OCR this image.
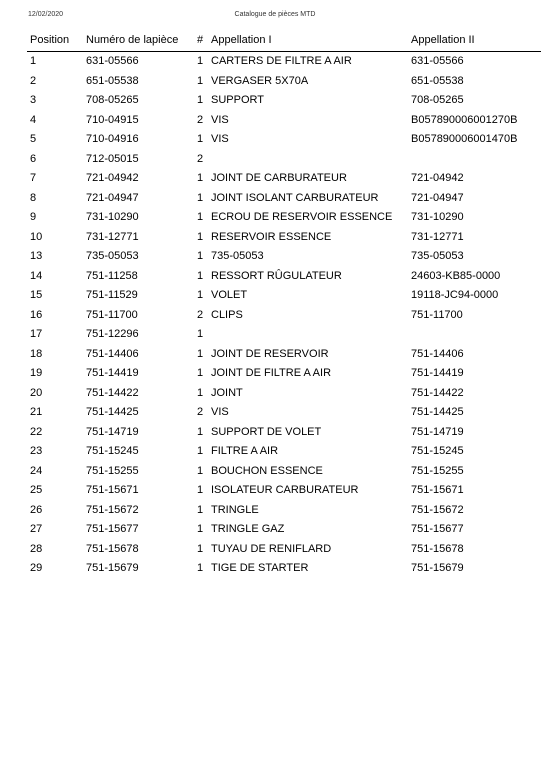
12/02/2020	Catalogue de pièces MTD
Position	Numéro de lapièce	#	Appellation I	Appellation II
1	631-05566	1	CARTERS DE FILTRE A AIR	631-05566
2	651-05538	1	VERGASER 5X70A	651-05538
3	708-05265	1	SUPPORT	708-05265
4	710-04915	2	VIS	B057890006001270B
5	710-04916	1	VIS	B057890006001470B
6	712-05015	2		
7	721-04942	1	JOINT DE CARBURATEUR	721-04942
8	721-04947	1	JOINT ISOLANT CARBURATEUR	721-04947
9	731-10290	1	ECROU DE RESERVOIR ESSENCE	731-10290
10	731-12771	1	RESERVOIR ESSENCE	731-12771
13	735-05053	1	735-05053	735-05053
14	751-11258	1	RESSORT RÛGULATEUR	24603-KB85-0000
15	751-11529	1	VOLET	19118-JC94-0000
16	751-11700	2	CLIPS	751-11700
17	751-12296	1		
18	751-14406	1	JOINT DE RESERVOIR	751-14406
19	751-14419	1	JOINT DE FILTRE A AIR	751-14419
20	751-14422	1	JOINT	751-14422
21	751-14425	2	VIS	751-14425
22	751-14719	1	SUPPORT DE VOLET	751-14719
23	751-15245	1	FILTRE A AIR	751-15245
24	751-15255	1	BOUCHON ESSENCE	751-15255
25	751-15671	1	ISOLATEUR CARBURATEUR	751-15671
26	751-15672	1	TRINGLE	751-15672
27	751-15677	1	TRINGLE GAZ	751-15677
28	751-15678	1	TUYAU DE RENIFLARD	751-15678
29	751-15679	1	TIGE DE STARTER	751-15679
